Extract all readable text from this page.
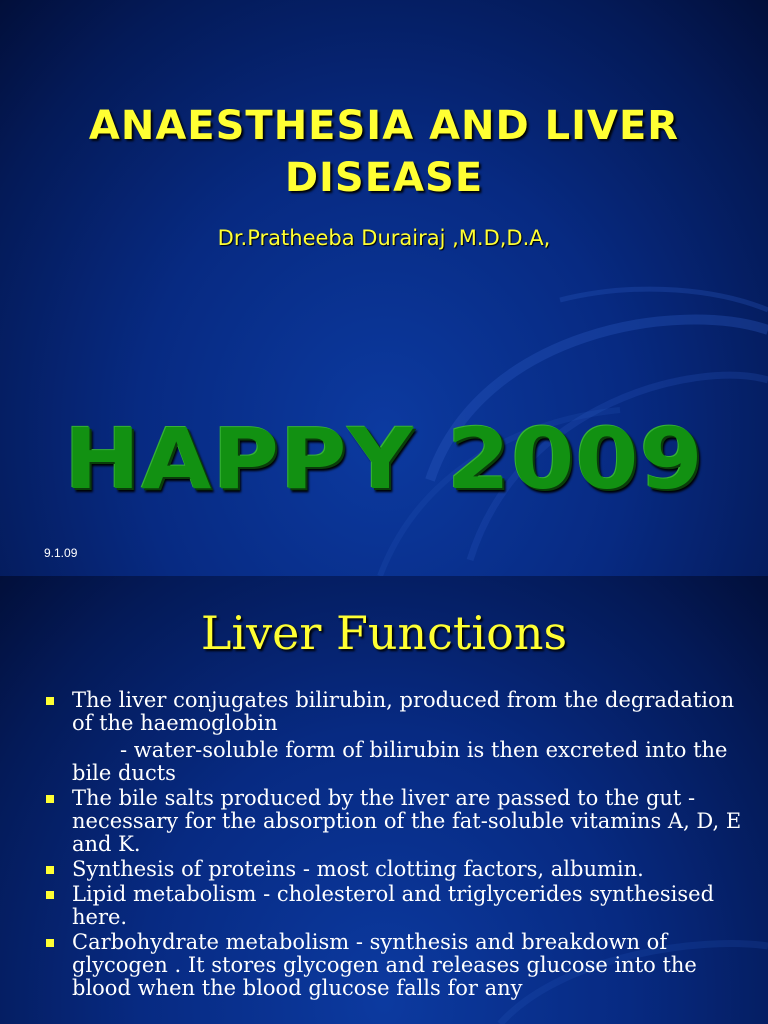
ANAESTHESIA AND LIVER
DISEASE
Dr.Pratheeba Durairaj ,M.D,D.A,
HAPPY 2009
9.1.09
Liver Functions
The liver conjugates bilirubin, produced from the degradation of the haemoglobin
- water-soluble form of bilirubin is then excreted into the bile ducts
The bile salts produced by the liver are passed to the gut - necessary for the absorption of the fat-soluble vitamins A, D, E and K.
Synthesis of proteins - most clotting factors, albumin.
Lipid metabolism - cholesterol and triglycerides synthesised here.
Carbohydrate metabolism - synthesis and breakdown of glycogen . It stores glycogen and releases glucose into the blood when the blood glucose falls for any
